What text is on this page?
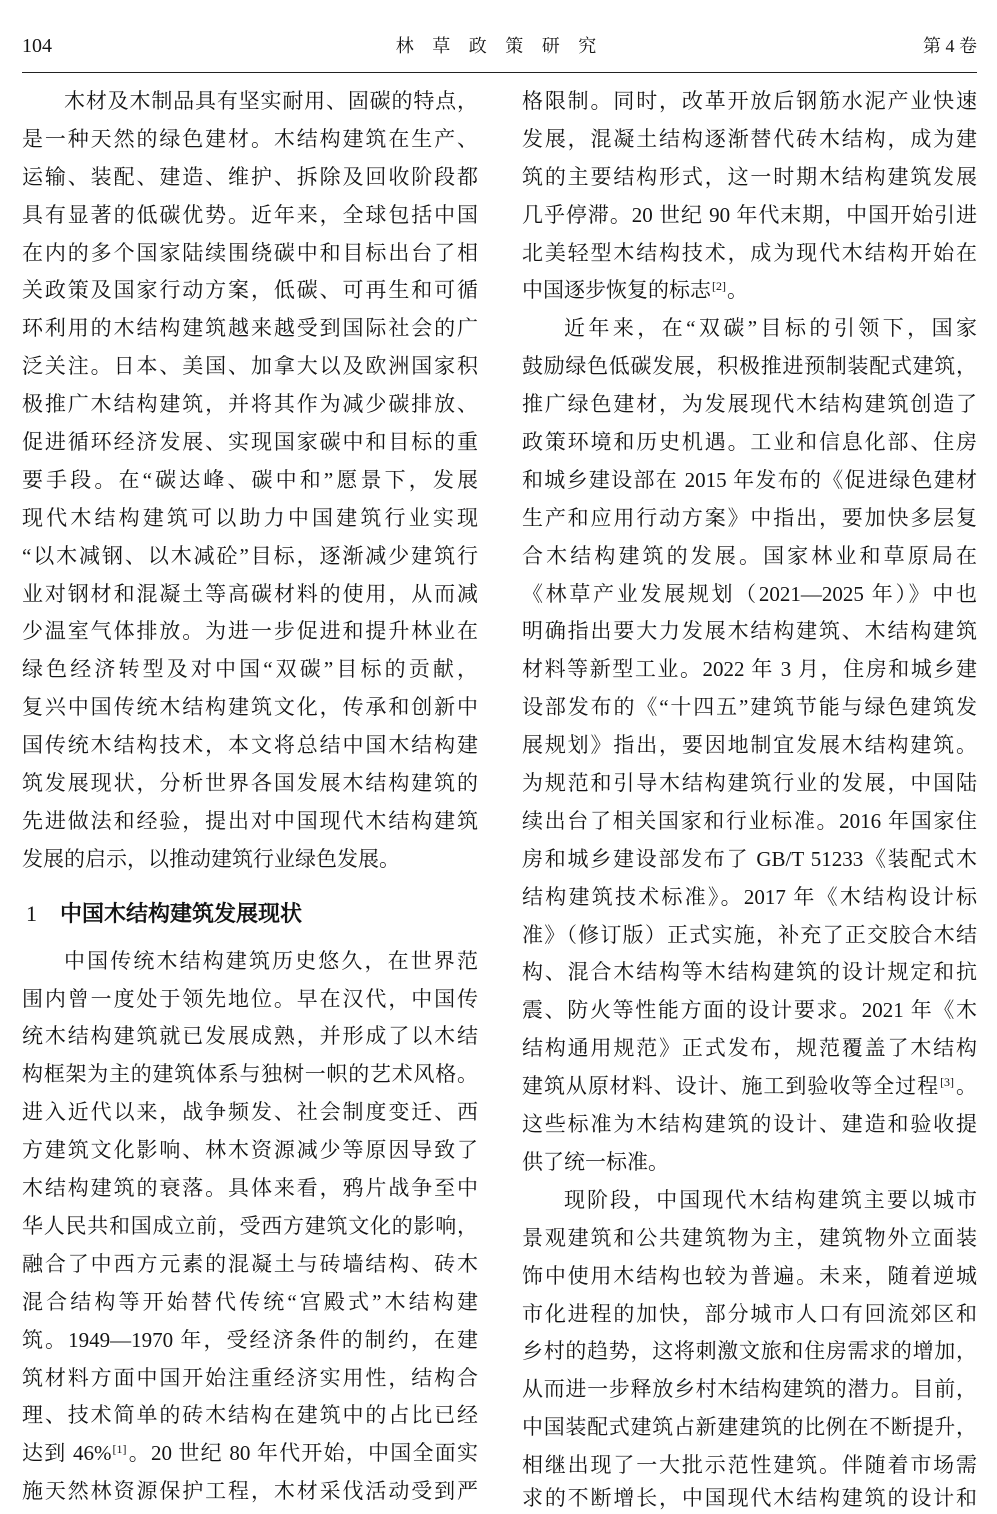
104	林 草 政 策 研 究	第 4 卷
木材及木制品具有坚实耐用、固碳的特点，
是一种天然的绿色建材。木结构建筑在生产、
运输、装配、建造、维护、拆除及回收阶段都
具有显著的低碳优势。近年来，全球包括中国
在内的多个国家陆续围绕碳中和目标出台了相
关政策及国家行动方案，低碳、可再生和可循
环利用的木结构建筑越来越受到国际社会的广
泛关注。日本、美国、加拿大以及欧洲国家积
极推广木结构建筑，并将其作为减少碳排放、
促进循环经济发展、实现国家碳中和目标的重
要手段。在“碳达峰、碳中和”愿景下，发展
现代木结构建筑可以助力中国建筑行业实现
“以木减钢、以木减砼”目标，逐渐减少建筑行
业对钢材和混凝土等高碳材料的使用，从而减
少温室气体排放。为进一步促进和提升林业在
绿色经济转型及对中国“双碳”目标的贡献，
复兴中国传统木结构建筑文化，传承和创新中
国传统木结构技术，本文将总结中国木结构建
筑发展现状，分析世界各国发展木结构建筑的
先进做法和经验，提出对中国现代木结构建筑
发展的启示，以推动建筑行业绿色发展。
1 中国木结构建筑发展现状
中国传统木结构建筑历史悠久，在世界范
围内曾一度处于领先地位。早在汉代，中国传
统木结构建筑就已发展成熟，并形成了以木结
构框架为主的建筑体系与独树一帜的艺术风格。
进入近代以来，战争频发、社会制度变迁、西
方建筑文化影响、林木资源减少等原因导致了
木结构建筑的衰落。具体来看，鸦片战争至中
华人民共和国成立前，受西方建筑文化的影响，
融合了中西方元素的混凝土与砖墙结构、砖木
混合结构等开始替代传统“宫殿式”木结构建
筑。1949—1970 年，受经济条件的制约，在建
筑材料方面中国开始注重经济实用性，结构合
理、技术简单的砖木结构在建筑中的占比已经
达到 46%[1]。20 世纪 80 年代开始，中国全面实
施天然林资源保护工程，木材采伐活动受到严
格限制。同时，改革开放后钢筋水泥产业快速
发展，混凝土结构逐渐替代砖木结构，成为建
筑的主要结构形式，这一时期木结构建筑发展
几乎停滞。20 世纪 90 年代末期，中国开始引进
北美轻型木结构技术，成为现代木结构开始在
中国逐步恢复的标志[2]。
近年来，在“双碳”目标的引领下，国家
鼓励绿色低碳发展，积极推进预制装配式建筑，
推广绿色建材，为发展现代木结构建筑创造了
政策环境和历史机遇。工业和信息化部、住房
和城乡建设部在 2015 年发布的《促进绿色建材
生产和应用行动方案》中指出，要加快多层复
合木结构建筑的发展。国家林业和草原局在
《林草产业发展规划（2021—2025 年）》中也
明确指出要大力发展木结构建筑、木结构建筑
材料等新型工业。2022 年 3 月，住房和城乡建
设部发布的《“十四五”建筑节能与绿色建筑发
展规划》指出，要因地制宜发展木结构建筑。
为规范和引导木结构建筑行业的发展，中国陆
续出台了相关国家和行业标准。2016 年国家住
房和城乡建设部发布了 GB/T 51233《装配式木
结构建筑技术标准》。2017 年《木结构设计标
准》（修订版）正式实施，补充了正交胶合木结
构、混合木结构等木结构建筑的设计规定和抗
震、防火等性能方面的设计要求。2021 年《木
结构通用规范》正式发布，规范覆盖了木结构
建筑从原材料、设计、施工到验收等全过程[3]。
这些标准为木结构建筑的设计、建造和验收提
供了统一标准。
现阶段，中国现代木结构建筑主要以城市
景观建筑和公共建筑物为主，建筑物外立面装
饰中使用木结构也较为普遍。未来，随着逆城
市化进程的加快，部分城市人口有回流郊区和
乡村的趋势，这将刺激文旅和住房需求的增加，
从而进一步释放乡村木结构建筑的潜力。目前，
中国装配式建筑占新建建筑的比例在不断提升，
相继出现了一大批示范性建筑。伴随着市场需
求的不断增长，中国现代木结构建筑的设计和
